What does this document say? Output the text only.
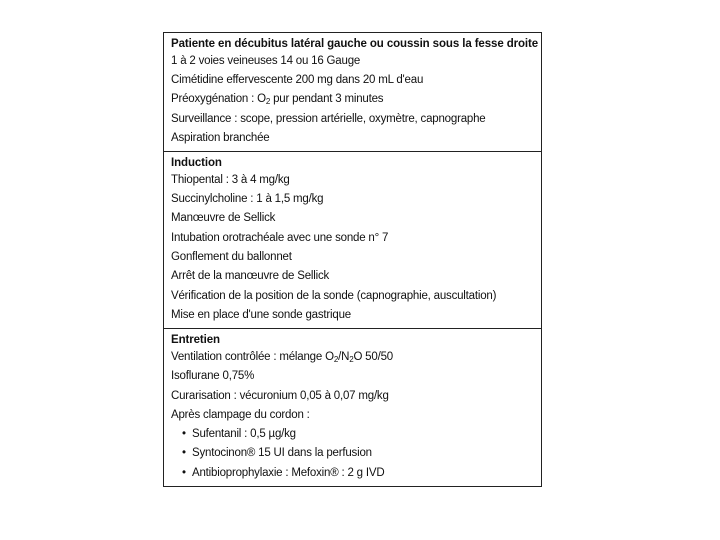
Patiente en décubitus latéral gauche ou coussin sous la fesse droite
1 à 2 voies veineuses 14 ou 16 Gauge
Cimétidine effervescente 200 mg dans 20 mL d'eau
Préoxygénation : $O_2$ pur pendant 3 minutes
Surveillance : scope, pression artérielle, oxymètre, capnographe
Aspiration branchée
Induction
Thiopental : 3 à 4 mg/kg
Succinylcholine : 1 à 1,5 mg/kg
Manœuvre de Sellick
Intubation orotrachéale avec une sonde n° 7
Gonflement du ballonnet
Arrêt de la manœuvre de Sellick
Vérification de la position de la sonde (capnographie, auscultation)
Mise en place d'une sonde gastrique
Entretien
Ventilation contrôlée : mélange $O_2/N_2O$ 50/50
Isoflurane 0,75%
Curarisation : vécuronium 0,05 à 0,07 mg/kg
Après clampage du cordon :
• Sufentanil : 0,5 µg/kg
• Syntocinon® 15 UI dans la perfusion
• Antibioprophylaxie : Mefoxin® : 2 g IVD
